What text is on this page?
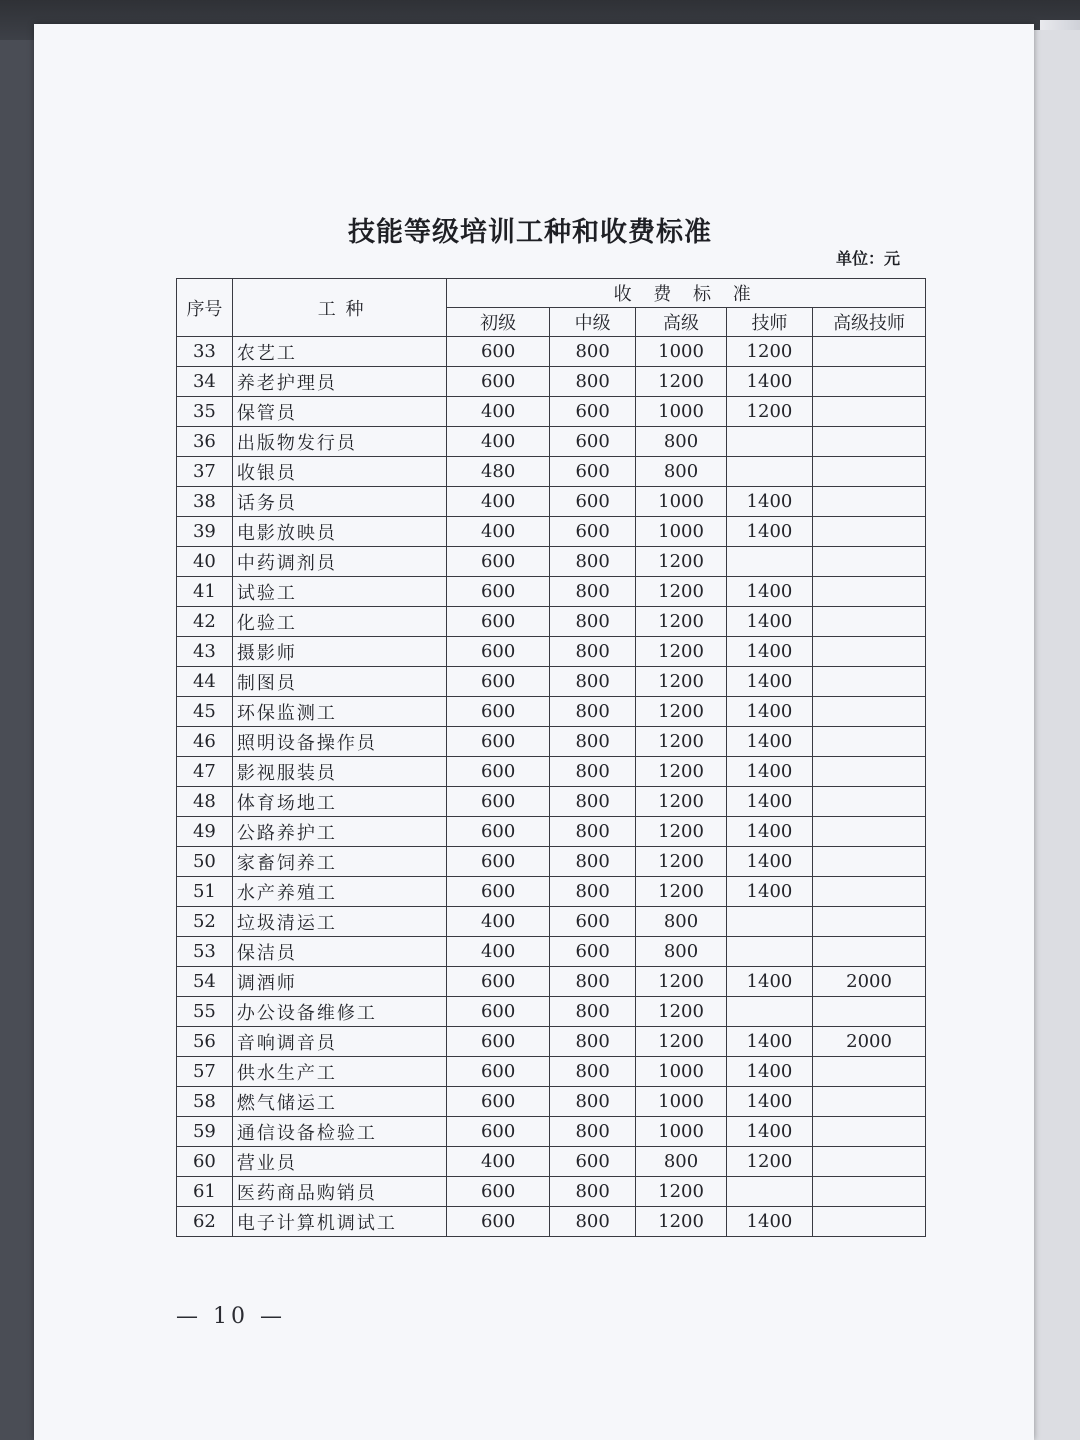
技能等级培训工种和收费标准
单位：元
序号	工 种	收 费 标 准				
		初级	中级	高级	技师	高级技师
33	农艺工	600	800	1000	1200	
34	养老护理员	600	800	1200	1400	
35	保管员	400	600	1000	1200	
36	出版物发行员	400	600	800		
37	收银员	480	600	800		
38	话务员	400	600	1000	1400	
39	电影放映员	400	600	1000	1400	
40	中药调剂员	600	800	1200		
41	试验工	600	800	1200	1400	
42	化验工	600	800	1200	1400	
43	摄影师	600	800	1200	1400	
44	制图员	600	800	1200	1400	
45	环保监测工	600	800	1200	1400	
46	照明设备操作员	600	800	1200	1400	
47	影视服装员	600	800	1200	1400	
48	体育场地工	600	800	1200	1400	
49	公路养护工	600	800	1200	1400	
50	家畜饲养工	600	800	1200	1400	
51	水产养殖工	600	800	1200	1400	
52	垃圾清运工	400	600	800		
53	保洁员	400	600	800		
54	调酒师	600	800	1200	1400	2000
55	办公设备维修工	600	800	1200		
56	音响调音员	600	800	1200	1400	2000
57	供水生产工	600	800	1000	1400	
58	燃气储运工	600	800	1000	1400	
59	通信设备检验工	600	800	1000	1400	
60	营业员	400	600	800	1200	
61	医药商品购销员	600	800	1200		
62	电子计算机调试工	600	800	1200	1400	
— 10 —
